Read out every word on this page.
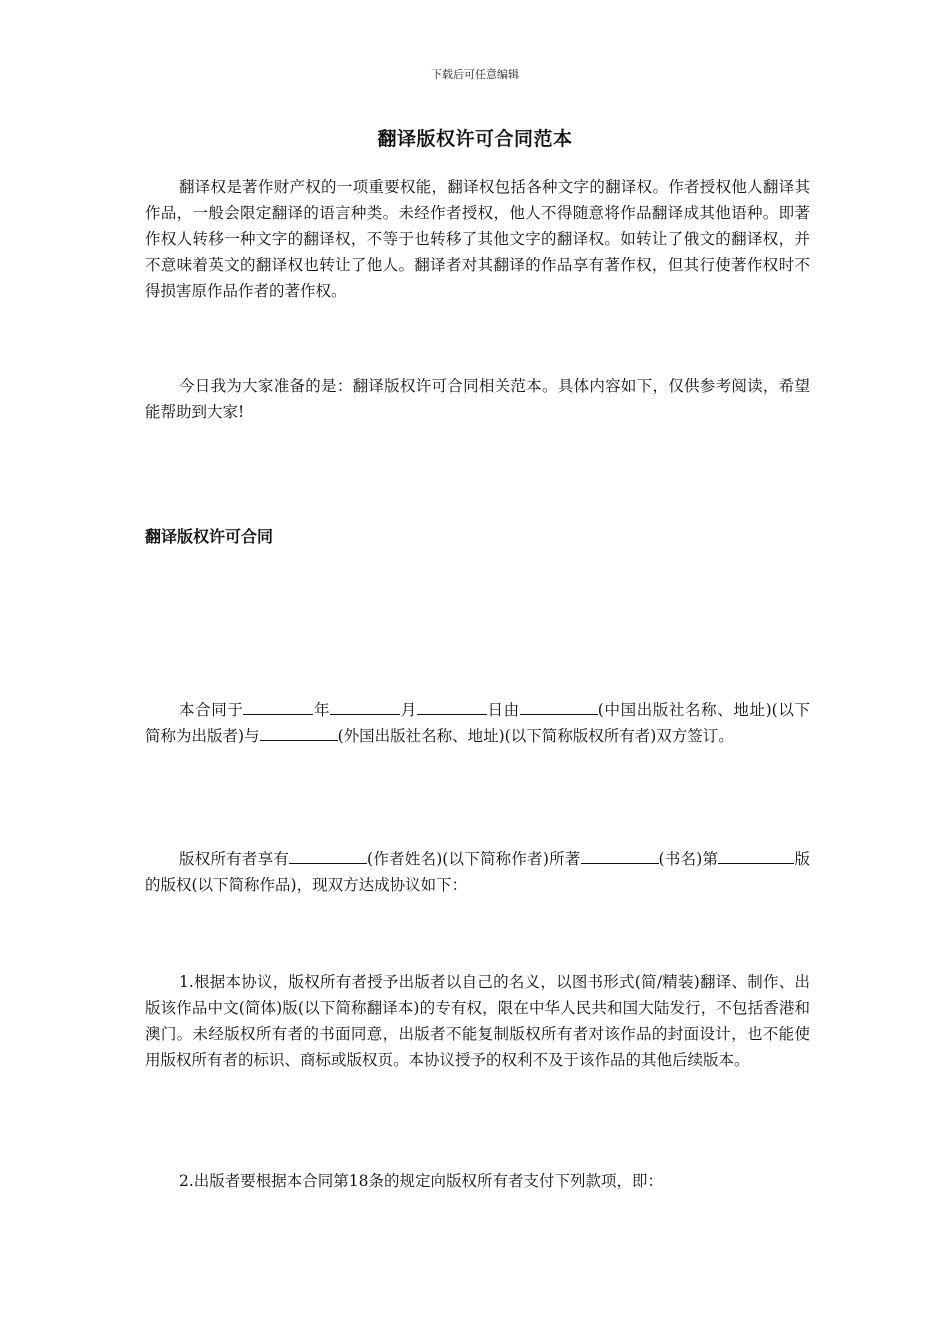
下载后可任意编辑
翻译版权许可合同范本

翻译权是著作财产权的一项重要权能，翻译权包括各种文字的翻译权。作者授权他人翻译其作品，一般会限定翻译的语言种类。未经作者授权，他人不得随意将作品翻译成其他语种。即著作权人转移一种文字的翻译权，不等于也转移了其他文字的翻译权。如转让了俄文的翻译权，并不意味着英文的翻译权也转让了他人。翻译者对其翻译的作品享有著作权，但其行使著作权时不得损害原作品作者的著作权。

今日我为大家准备的是：翻译版权许可合同相关范本。具体内容如下，仅供参考阅读，希望能帮助到大家!

翻译版权许可合同

本合同于	年	月	日由	(中国出版社名称、地址)(以下简称为出版者)与	(外国出版社名称、地址)(以下简称版权所有者)双方签订。

版权所有者享有	(作者姓名)(以下简称作者)所著	(书名)第	版的版权(以下简称作品)，现双方达成协议如下：

1.根据本协议，版权所有者授予出版者以自己的名义，以图书形式(简/精装)翻译、制作、出版该作品中文(简体)版(以下简称翻译本)的专有权，限在中华人民共和国大陆发行，不包括香港和澳门。未经版权所有者的书面同意，出版者不能复制版权所有者对该作品的封面设计，也不能使用版权所有者的标识、商标或版权页。本协议授予的权利不及于该作品的其他后续版本。

2.出版者要根据本合同第18条的规定向版权所有者支付下列款项，即：
